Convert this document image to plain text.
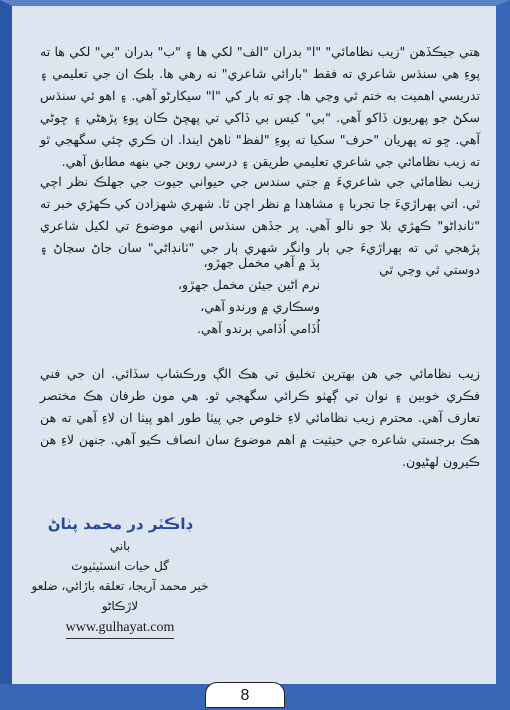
هتي جيڪڏهن "زيب نظامائي" "ا" بدران "الف" لکي ها ۽ "ب" بدران "بي" لکي ها ته پوءِ هي سنڌس شاعري ته فقط "بارائي شاعري" نه رهي ها. بلڪ ان جي تعليمي ۽ تدريسي اهميت به ختم ٿي وڃي ها. چو ته بار کي "ا" سيکارڻو آهي. ۽ اهو ئي سنڌس سکڻ جو پهريون ڏاکو آهي. "بي" کيس بي ڏاکي تي پهچڻ ڪان پوءِ پڙهڻي ۽ ڇوڻي آهي. ڇو ته پهريان "حرف" سکيا ته پوءِ "لفظ" ٺاهڻ ايندا. ان ڪري چئي سگهجي ٿو ته زيب نظامائي جي شاعري تعليمي طريقن ۽ درسي روين جي بنهه مطابق آهي.

زيب نظامائي جي شاعريءَ ۾ جتي سندس جي حيواني جيوت جي جهلڪ نظر اچي ٿي. اتي ٻهراڙيءَ جا تجربا ۽ مشاهدا ۾ نظر اچن ٿا. شهري شهزادن کي ڪهڙي خبر ته "ٽانڊاڻو" ڪهڙي بلا جو نالو آهي. پر جڏهن سنڌس انهي موضوع تي لکيل شاعري پڙهجي ٿي ته ٻهراڙيءَ جي ٻار وانگر شهري ٻار جي "ٽانڊاڻي" سان جاڻ سڃاڻ ۽ دوستي ٿي وڃي ٿي

ٻڌ ۾ آهي مخمل جهڙو،
نرم اڻين جيئن مخمل جهڙو،
وسڪاري ۾ ورندو آهي،
اُڏامي اُڏامي ٻرندو آهي.

زيب نظامائي جي هن بهترين تخليق تي هڪ الڳ ورڪشاپ سڏائي. ان جي فني فڪري خوبين ۽ نوان تي ڳهٺو ڪرائي سگهجي ٿو. هي مون طرفان هڪ مختصر تعارف آهي. محترم زيب نظامائي لاءِ خلوص جي پيٽا طور اهو پيٺا ان لاءِ آهي ته هن هڪ برجستي شاعره جي حيثيت ۾ اهم موضوع سان انصاف ڪيو آهي. جنهن لاءِ هن ڪيرون لهڻيون.

ڊاڪٽر در محمد پٺاڻ
باني
گل حيات انسٽيٽيوٽ
خير محمد آريجا، تعلقه باڙائي، ضلعو
لاڙڪاڻو
www.gulhayat.com
8
